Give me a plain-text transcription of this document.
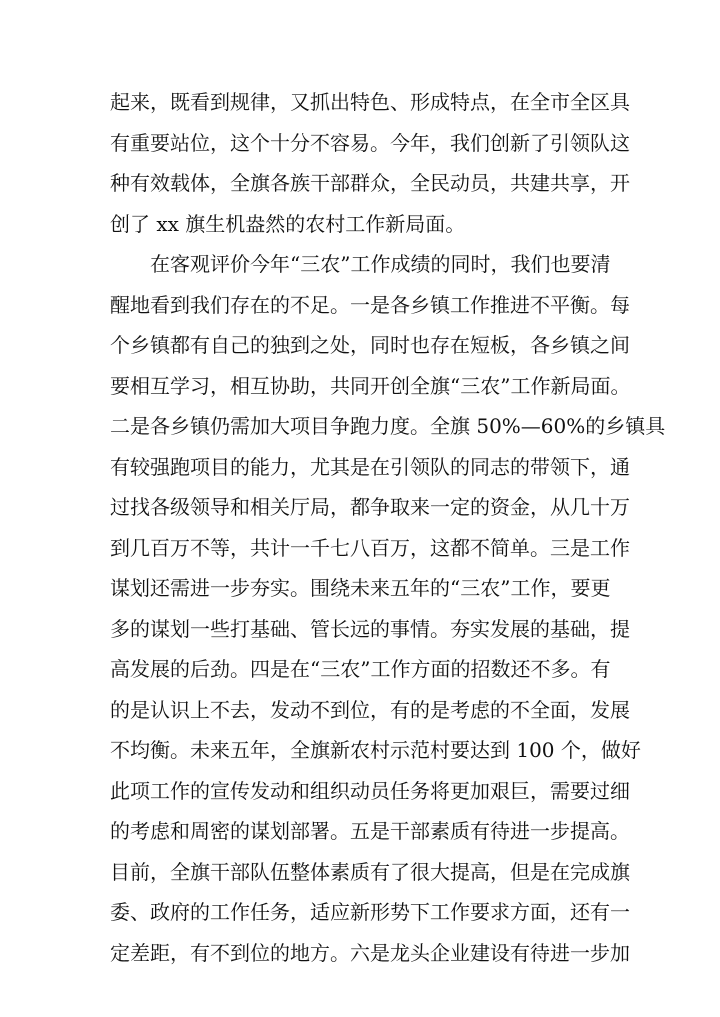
起来，既看到规律，又抓出特色、形成特点，在全市全区具
有重要站位，这个十分不容易。今年，我们创新了引领队这
种有效载体，全旗各族干部群众，全民动员，共建共享，开
创了 xx 旗生机盎然的农村工作新局面。
在客观评价今年“三农”工作成绩的同时，我们也要清
醒地看到我们存在的不足。一是各乡镇工作推进不平衡。每
个乡镇都有自己的独到之处，同时也存在短板，各乡镇之间
要相互学习，相互协助，共同开创全旗“三农”工作新局面。
二是各乡镇仍需加大项目争跑力度。全旗 50%—60%的乡镇具
有较强跑项目的能力，尤其是在引领队的同志的带领下，通
过找各级领导和相关厅局，都争取来一定的资金，从几十万
到几百万不等，共计一千七八百万，这都不简单。三是工作
谋划还需进一步夯实。围绕未来五年的“三农”工作，要更
多的谋划一些打基础、管长远的事情。夯实发展的基础，提
高发展的后劲。四是在“三农”工作方面的招数还不多。有
的是认识上不去，发动不到位，有的是考虑的不全面，发展
不均衡。未来五年，全旗新农村示范村要达到 100 个，做好
此项工作的宣传发动和组织动员任务将更加艰巨，需要过细
的考虑和周密的谋划部署。五是干部素质有待进一步提高。
目前，全旗干部队伍整体素质有了很大提高，但是在完成旗
委、政府的工作任务，适应新形势下工作要求方面，还有一
定差距，有不到位的地方。六是龙头企业建设有待进一步加
